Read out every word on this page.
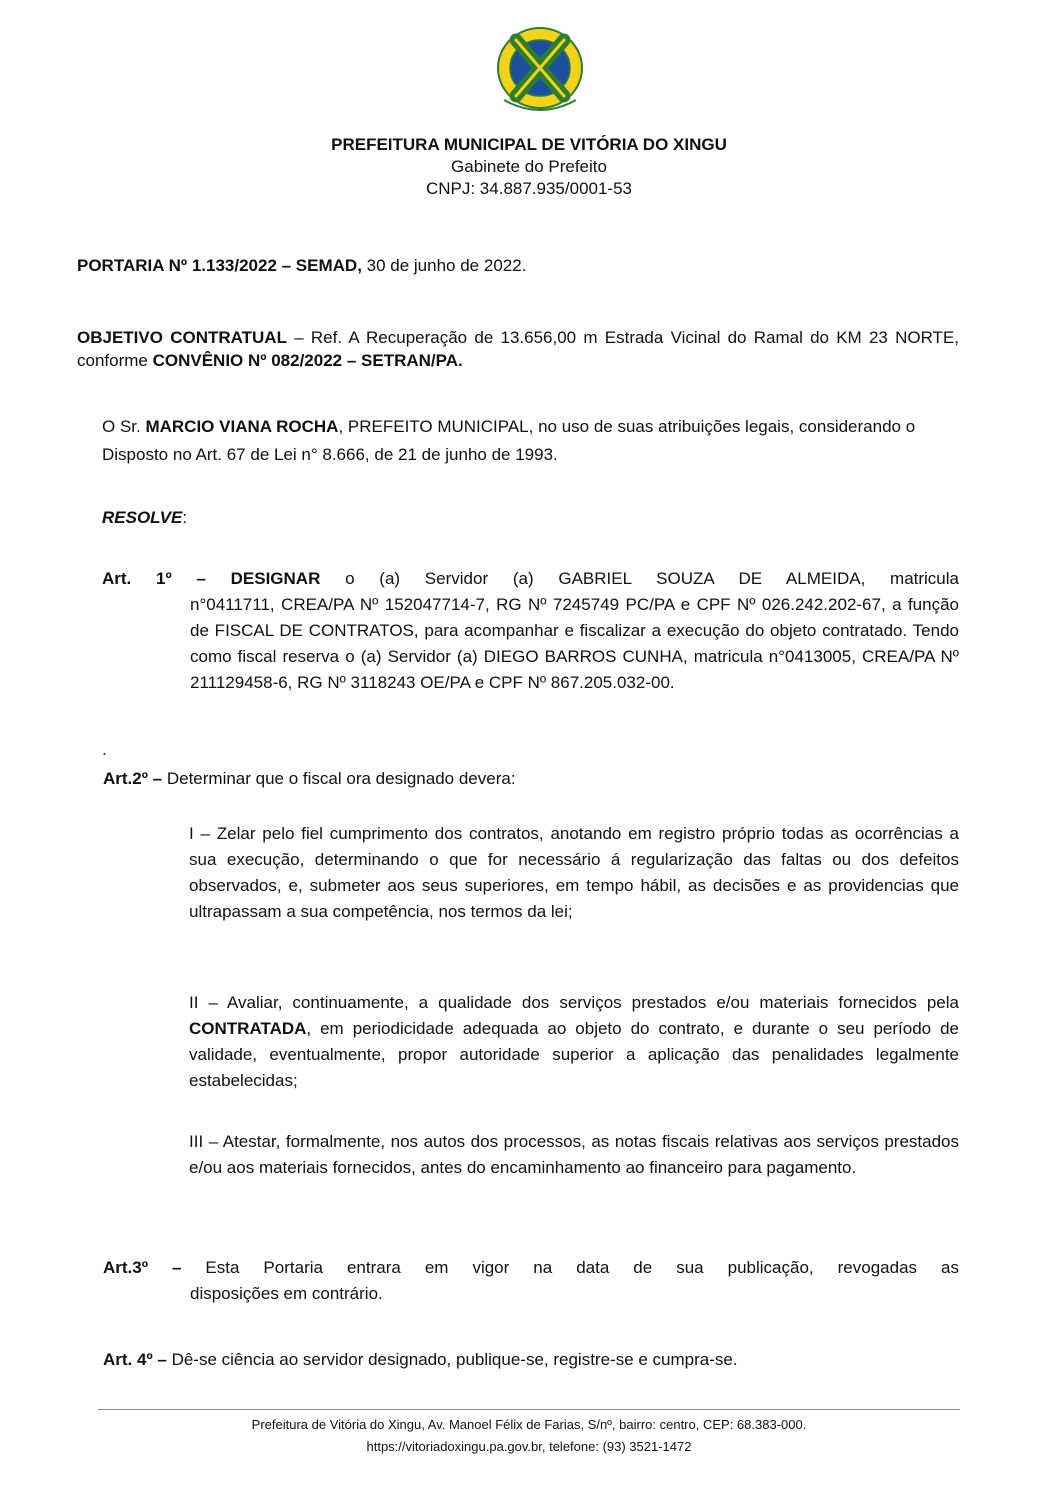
PREFEITURA MUNICIPAL DE VITÓRIA DO XINGU
Gabinete do Prefeito
CNPJ: 34.887.935/0001-53
PORTARIA Nº 1.133/2022 – SEMAD, 30 de junho de 2022.
OBJETIVO CONTRATUAL – Ref. A Recuperação de 13.656,00 m Estrada Vicinal do Ramal do KM 23 NORTE, conforme CONVÊNIO Nº 082/2022 – SETRAN/PA.
O Sr. MARCIO VIANA ROCHA, PREFEITO MUNICIPAL, no uso de suas atribuições legais, considerando o Disposto no Art. 67 de Lei n° 8.666, de 21 de junho de 1993.
RESOLVE:
Art. 1º – DESIGNAR o (a) Servidor (a) GABRIEL SOUZA DE ALMEIDA, matricula
n°0411711, CREA/PA Nº 152047714-7, RG Nº 7245749 PC/PA e CPF Nº 026.242.202-67, a função de FISCAL DE CONTRATOS, para acompanhar e fiscalizar a execução do objeto contratado. Tendo como fiscal reserva o (a) Servidor (a) DIEGO BARROS CUNHA, matricula n°0413005, CREA/PA Nº 211129458-6, RG Nº 3118243 OE/PA e CPF Nº 867.205.032-00.
.
Art.2º – Determinar que o fiscal ora designado devera:
I – Zelar pelo fiel cumprimento dos contratos, anotando em registro próprio todas as ocorrências a sua execução, determinando o que for necessário á regularização das faltas ou dos defeitos observados, e, submeter aos seus superiores, em tempo hábil, as decisões e as providencias que ultrapassam a sua competência, nos termos da lei;
II – Avaliar, continuamente, a qualidade dos serviços prestados e/ou materiais fornecidos pela CONTRATADA, em periodicidade adequada ao objeto do contrato, e durante o seu período de validade, eventualmente, propor autoridade superior a aplicação das penalidades legalmente estabelecidas;
III – Atestar, formalmente, nos autos dos processos, as notas fiscais relativas aos serviços prestados e/ou aos materiais fornecidos, antes do encaminhamento ao financeiro para pagamento.
Art.3º – Esta Portaria entrara em vigor na data de sua publicação, revogadas as
disposições em contrário.
Art. 4º – Dê-se ciência ao servidor designado, publique-se, registre-se e cumpra-se.
Prefeitura de Vitória do Xingu, Av. Manoel Félix de Farias, S/nº, bairro: centro, CEP: 68.383-000.
https://vitoriadoxingu.pa.gov.br, telefone: (93) 3521-1472
